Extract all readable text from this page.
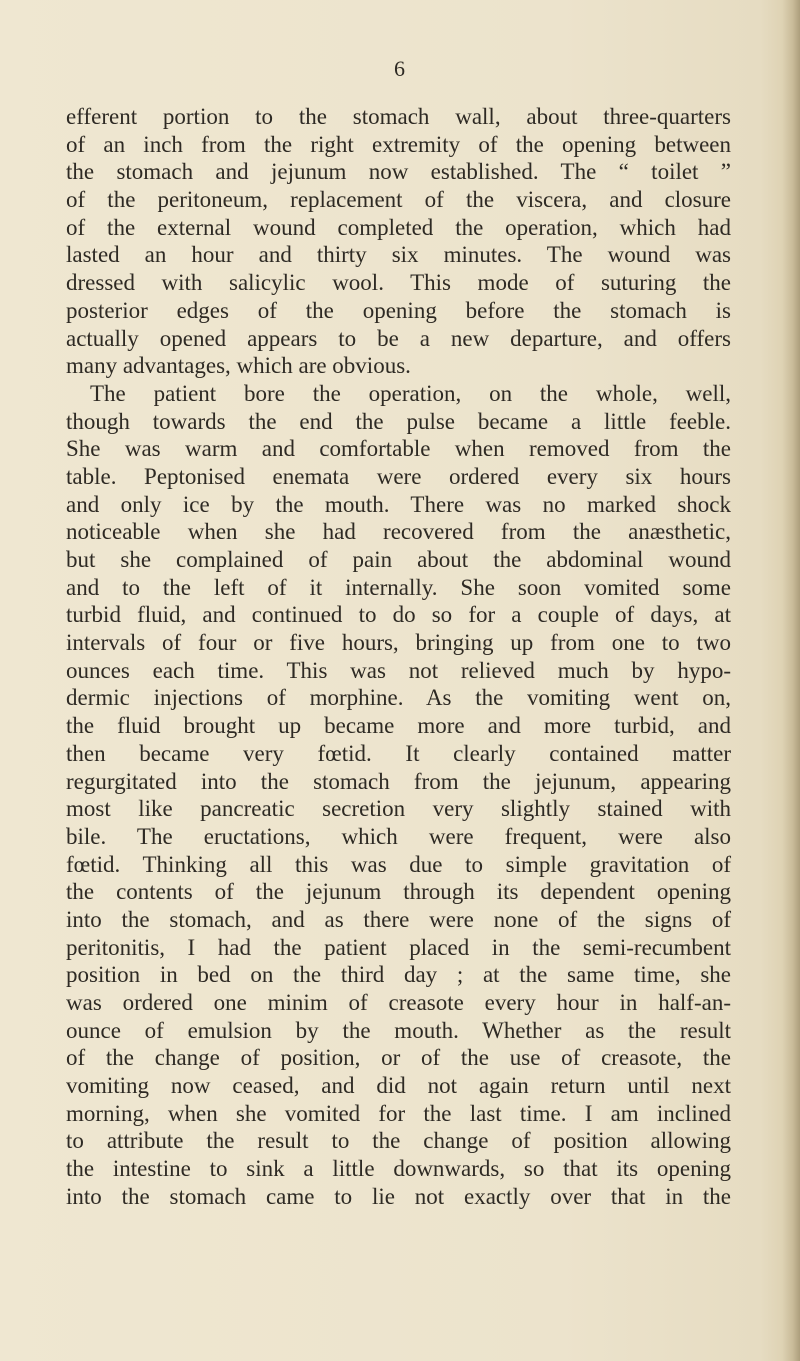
6

efferent portion to the stomach wall, about three-quarters
of an inch from the right extremity of the opening between
the stomach and jejunum now established. The “ toilet ”
of the peritoneum, replacement of the viscera, and closure
of the external wound completed the operation, which had
lasted an hour and thirty six minutes. The wound was
dressed with salicylic wool. This mode of suturing the
posterior edges of the opening before the stomach is
actually opened appears to be a new departure, and offers
many advantages, which are obvious.

The patient bore the operation, on the whole, well,
though towards the end the pulse became a little feeble.
She was warm and comfortable when removed from the
table. Peptonised enemata were ordered every six hours
and only ice by the mouth. There was no marked shock
noticeable when she had recovered from the anæsthetic,
but she complained of pain about the abdominal wound
and to the left of it internally. She soon vomited some
turbid fluid, and continued to do so for a couple of days, at
intervals of four or five hours, bringing up from one to two
ounces each time. This was not relieved much by hypo-
dermic injections of morphine. As the vomiting went on,
the fluid brought up became more and more turbid, and
then became very fœtid. It clearly contained matter
regurgitated into the stomach from the jejunum, appearing
most like pancreatic secretion very slightly stained with
bile. The eructations, which were frequent, were also
fœtid. Thinking all this was due to simple gravitation of
the contents of the jejunum through its dependent opening
into the stomach, and as there were none of the signs of
peritonitis, I had the patient placed in the semi-recumbent
position in bed on the third day ; at the same time, she
was ordered one minim of creasote every hour in half-an-
ounce of emulsion by the mouth. Whether as the result
of the change of position, or of the use of creasote, the
vomiting now ceased, and did not again return until next
morning, when she vomited for the last time. I am inclined
to attribute the result to the change of position allowing
the intestine to sink a little downwards, so that its opening
into the stomach came to lie not exactly over that in the
